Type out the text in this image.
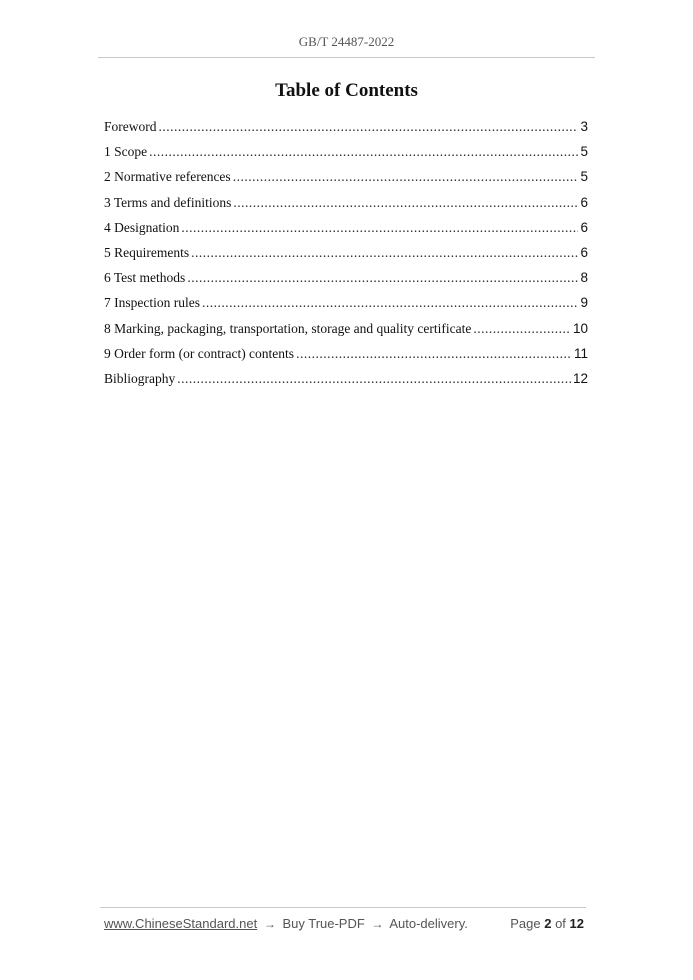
GB/T 24487-2022
Table of Contents
Foreword .....	3
1 Scope .....	5
2 Normative references .....	5
3 Terms and definitions .....	6
4 Designation .....	6
5 Requirements .....	6
6 Test methods .....	8
7 Inspection rules .....	9
8 Marking, packaging, transportation, storage and quality certificate .....	10
9 Order form (or contract) contents .....	11
Bibliography .....	12
www.ChineseStandard.net → Buy True-PDF → Auto-delivery.	Page 2 of 12
